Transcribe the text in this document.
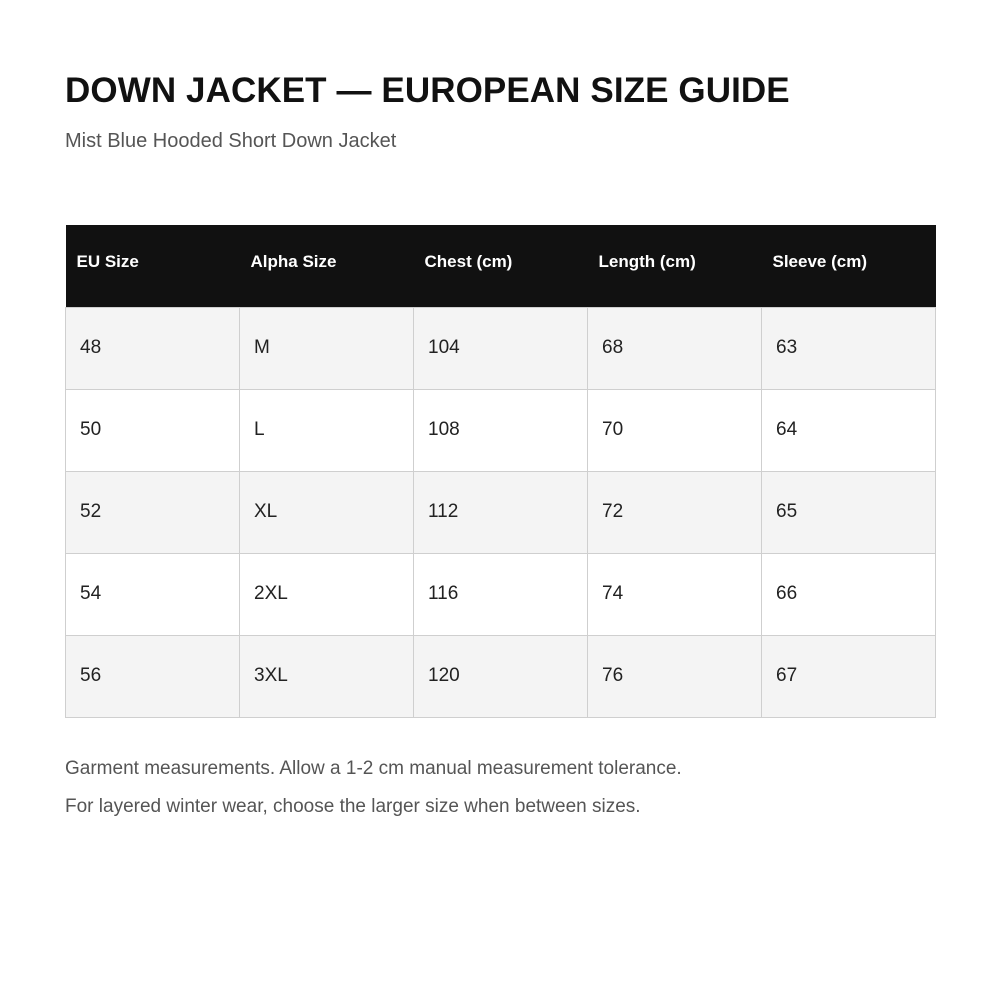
DOWN JACKET — EUROPEAN SIZE GUIDE

Mist Blue Hooded Short Down Jacket

EU Size	Alpha Size	Chest (cm)	Length (cm)	Sleeve (cm)
48	M	104	68	63
50	L	108	70	64
52	XL	112	72	65
54	2XL	116	74	66
56	3XL	120	76	67

Garment measurements. Allow a 1-2 cm manual measurement tolerance.

For layered winter wear, choose the larger size when between sizes.
